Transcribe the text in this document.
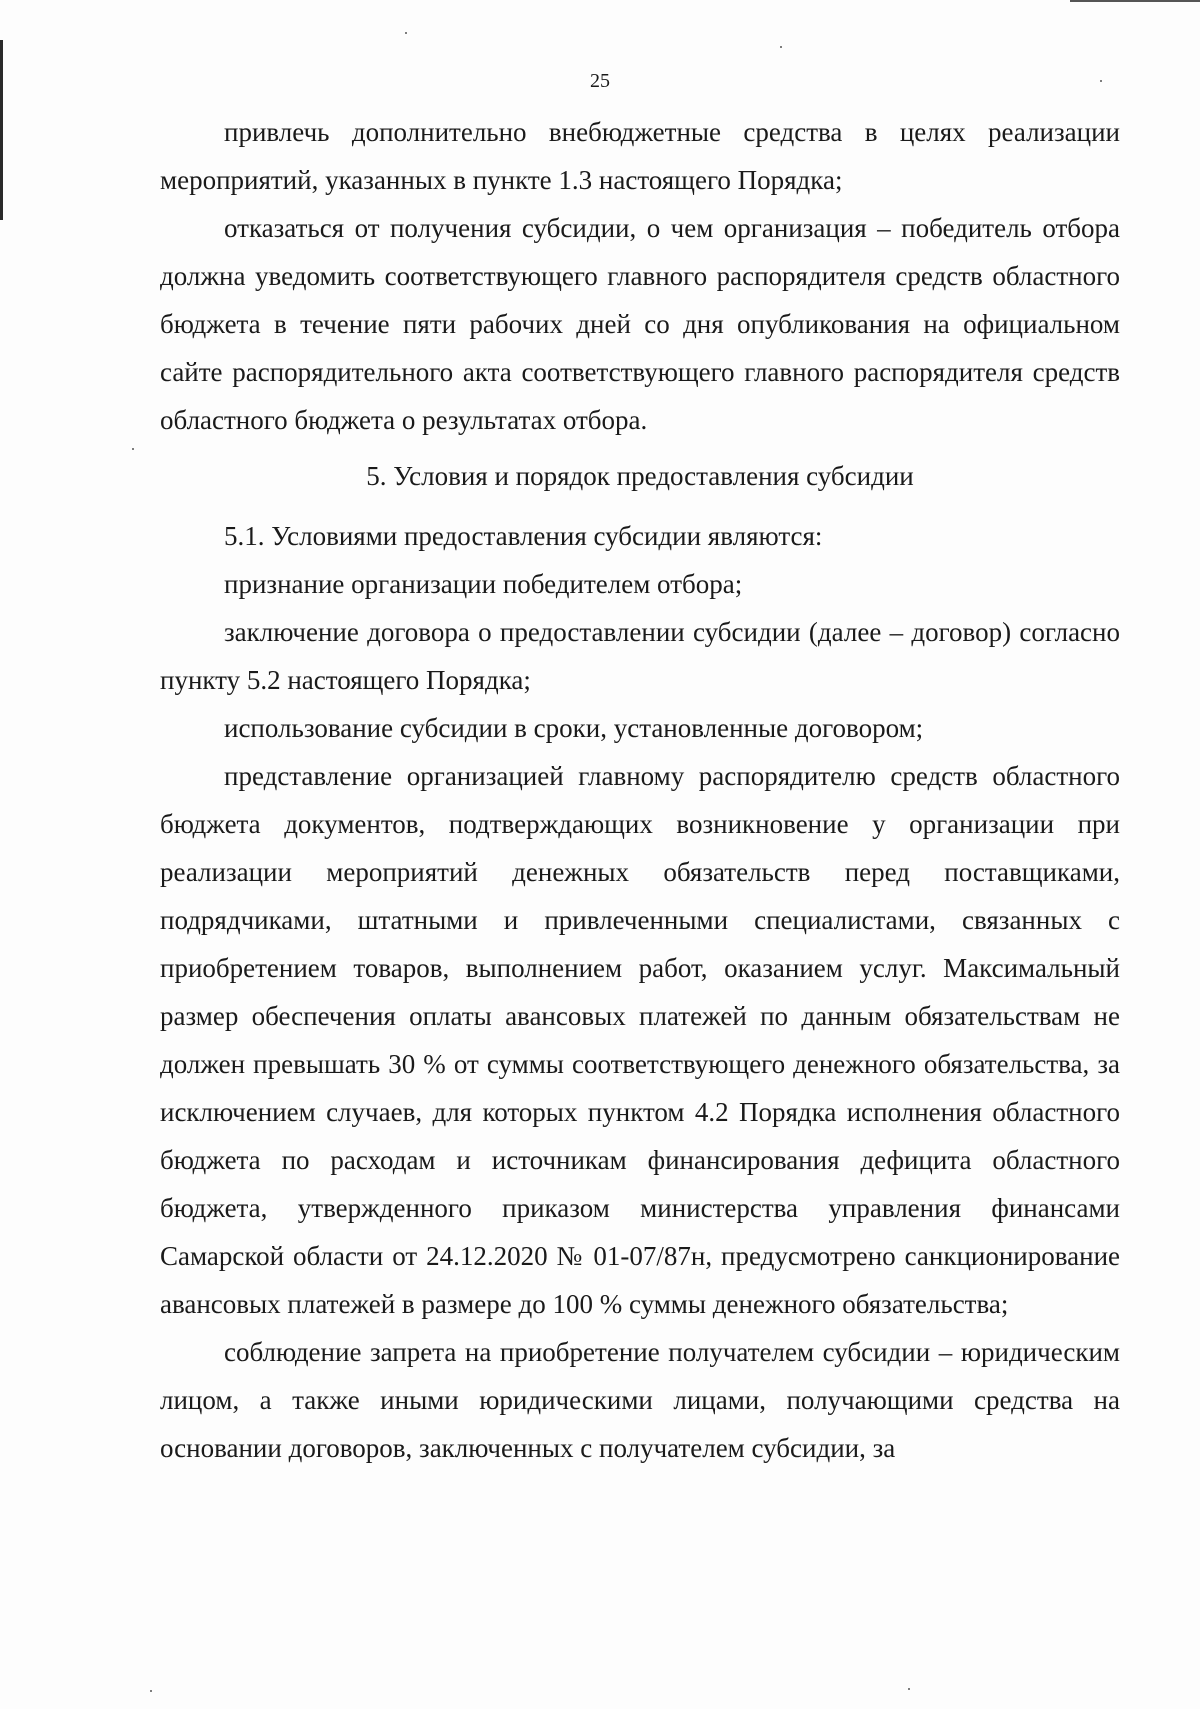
25

привлечь дополнительно внебюджетные средства в целях реализации мероприятий, указанных в пункте 1.3 настоящего Порядка;

отказаться от получения субсидии, о чем организация – победитель отбора должна уведомить соответствующего главного распорядителя средств областного бюджета в течение пяти рабочих дней со дня опубликования на официальном сайте распорядительного акта соответствующего главного распорядителя средств областного бюджета о результатах отбора.

5. Условия и порядок предоставления субсидии

5.1. Условиями предоставления субсидии являются:

признание организации победителем отбора;

заключение договора о предоставлении субсидии (далее – договор) согласно пункту 5.2 настоящего Порядка;

использование субсидии в сроки, установленные договором;

представление организацией главному распорядителю средств областного бюджета документов, подтверждающих возникновение у организации при реализации мероприятий денежных обязательств перед поставщиками, подрядчиками, штатными и привлеченными специалистами, связанных с приобретением товаров, выполнением работ, оказанием услуг. Максимальный размер обеспечения оплаты авансовых платежей по данным обязательствам не должен превышать 30 % от суммы соответствующего денежного обязательства, за исключением случаев, для которых пунктом 4.2 Порядка исполнения областного бюджета по расходам и источникам финансирования дефицита областного бюджета, утвержденного приказом министерства управления финансами Самарской области от 24.12.2020 № 01-07/87н, предусмотрено санкционирование авансовых платежей в размере до 100 % суммы денежного обязательства;

соблюдение запрета на приобретение получателем субсидии – юридическим лицом, а также иными юридическими лицами, получающими средства на основании договоров, заключенных с получателем субсидии, за
